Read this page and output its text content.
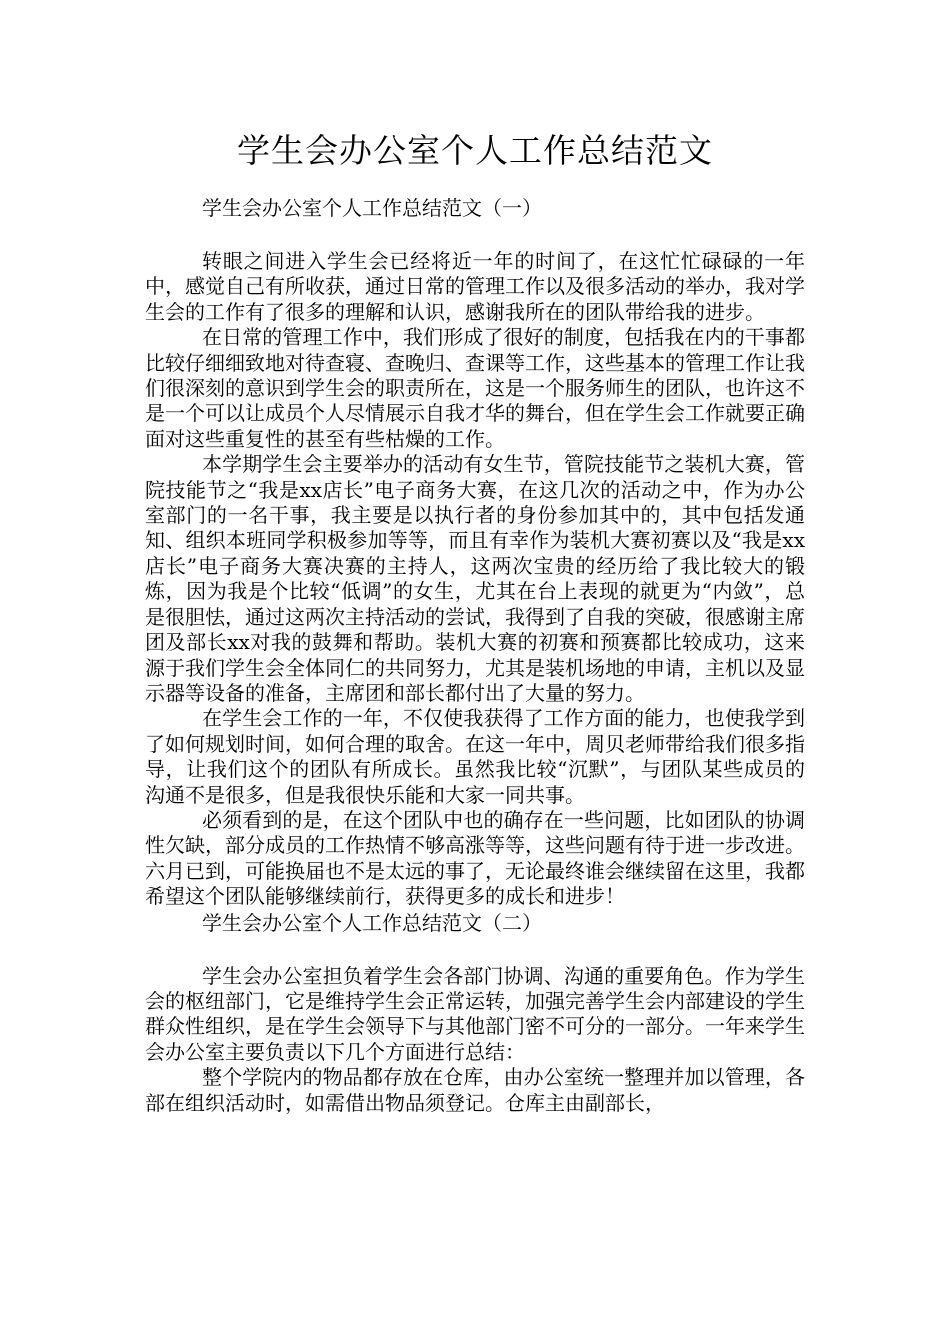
学生会办公室个人工作总结范文

学生会办公室个人工作总结范文（一）

转眼之间进入学生会已经将近一年的时间了，在这忙忙碌碌的一年中，感觉自己有所收获，通过日常的管理工作以及很多活动的举办，我对学生会的工作有了很多的理解和认识，感谢我所在的团队带给我的进步。

在日常的管理工作中，我们形成了很好的制度，包括我在内的干事都比较仔细细致地对待查寝、查晚归、查课等工作，这些基本的管理工作让我们很深刻的意识到学生会的职责所在，这是一个服务师生的团队，也许这不是一个可以让成员个人尽情展示自我才华的舞台，但在学生会工作就要正确面对这些重复性的甚至有些枯燥的工作。

本学期学生会主要举办的活动有女生节，管院技能节之装机大赛，管院技能节之“我是xx店长”电子商务大赛，在这几次的活动之中，作为办公室部门的一名干事，我主要是以执行者的身份参加其中的，其中包括发通知、组织本班同学积极参加等等，而且有幸作为装机大赛初赛以及“我是xx店长”电子商务大赛决赛的主持人，这两次宝贵的经历给了我比较大的锻炼，因为我是个比较“低调”的女生，尤其在台上表现的就更为“内敛”，总是很胆怯，通过这两次主持活动的尝试，我得到了自我的突破，很感谢主席团及部长xx对我的鼓舞和帮助。装机大赛的初赛和预赛都比较成功，这来源于我们学生会全体同仁的共同努力，尤其是装机场地的申请，主机以及显示器等设备的准备，主席团和部长都付出了大量的努力。

在学生会工作的一年，不仅使我获得了工作方面的能力，也使我学到了如何规划时间，如何合理的取舍。在这一年中，周贝老师带给我们很多指导，让我们这个的团队有所成长。虽然我比较“沉默”，与团队某些成员的沟通不是很多，但是我很快乐能和大家一同共事。

必须看到的是，在这个团队中也的确存在一些问题，比如团队的协调性欠缺，部分成员的工作热情不够高涨等等，这些问题有待于进一步改进。六月已到，可能换届也不是太远的事了，无论最终谁会继续留在这里，我都希望这个团队能够继续前行，获得更多的成长和进步！

学生会办公室个人工作总结范文（二）

学生会办公室担负着学生会各部门协调、沟通的重要角色。作为学生会的枢纽部门，它是维持学生会正常运转，加强完善学生会内部建设的学生群众性组织，是在学生会领导下与其他部门密不可分的一部分。一年来学生会办公室主要负责以下几个方面进行总结：

整个学院内的物品都存放在仓库，由办公室统一整理并加以管理，各部在组织活动时，如需借出物品须登记。仓库主由副部长，
